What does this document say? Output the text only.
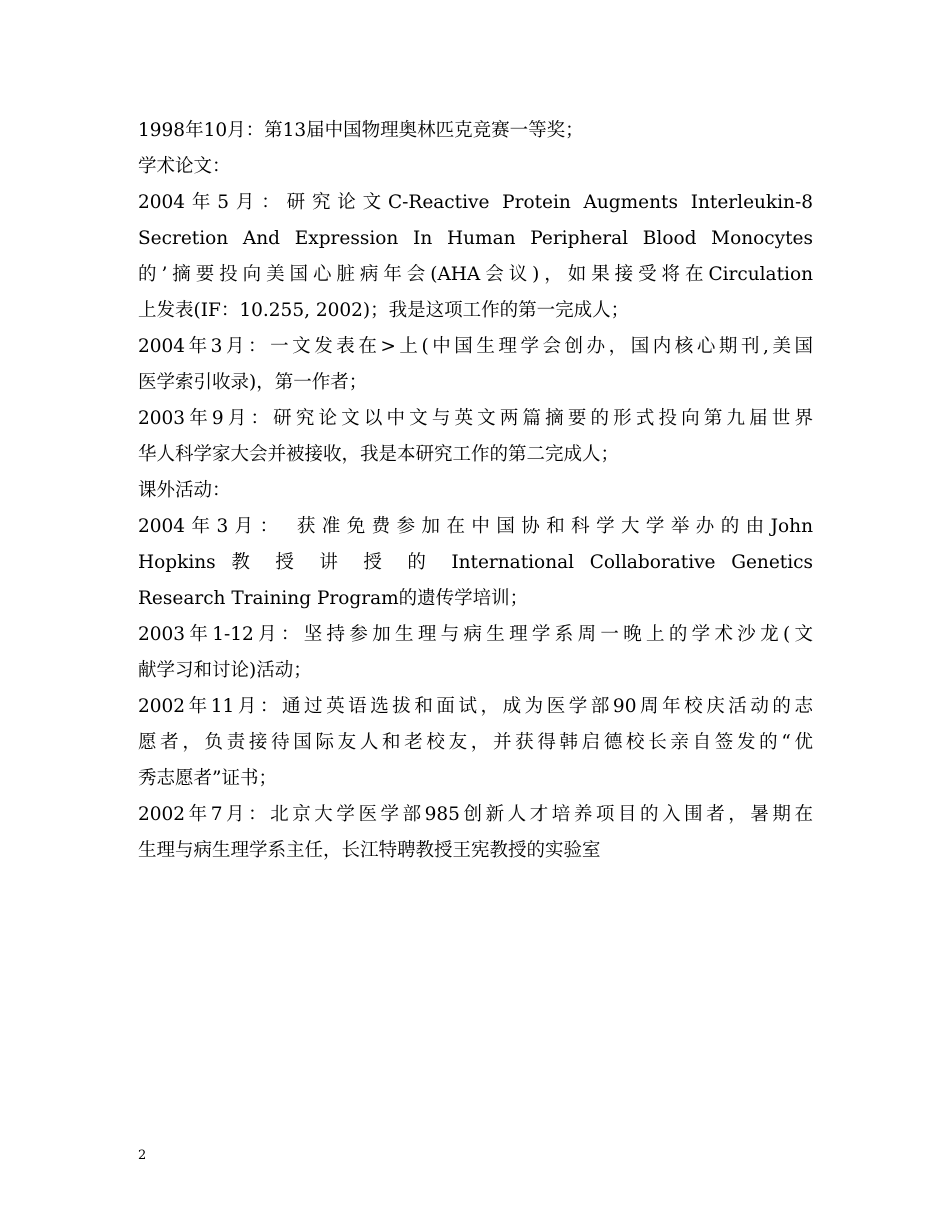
1998年10月：第13届中国物理奥林匹克竞赛一等奖；
学术论文：
2004年5月：研究论文C-Reactive Protein Augments Interleukin-8
Secretion And Expression In Human Peripheral Blood Monocytes
的’摘要投向美国心脏病年会(AHA会议)，如果接受将在Circulation
上发表(IF：10.255, 2002)；我是这项工作的第一完成人；
2004年3月：一文发表在>上(中国生理学会创办，国内核心期刊,美国
医学索引收录)，第一作者；
2003年9月：研究论文以中文与英文两篇摘要的形式投向第九届世界
华人科学家大会并被接收，我是本研究工作的第二完成人；
课外活动：
2004年3月： 获准免费参加在中国协和科学大学举办的由John
Hopkins 教 授 讲 授 的 International Collaborative Genetics
Research Training Program的遗传学培训；
2003年1-12月：坚持参加生理与病生理学系周一晚上的学术沙龙(文
献学习和讨论)活动；
2002年11月：通过英语选拔和面试，成为医学部90周年校庆活动的志
愿者，负责接待国际友人和老校友，并获得韩启德校长亲自签发的“优
秀志愿者”证书；
2002年7月：北京大学医学部985创新人才培养项目的入围者，暑期在
生理与病生理学系主任，长江特聘教授王宪教授的实验室
2
